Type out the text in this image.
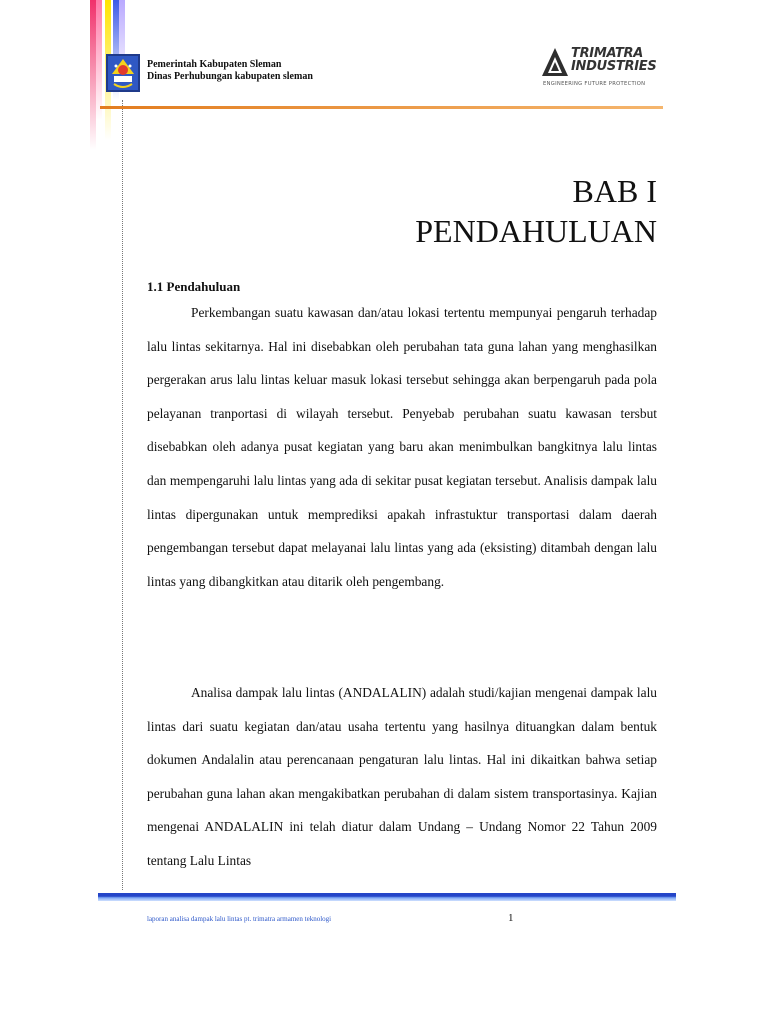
Pemerintah Kabupaten Sleman
Dinas Perhubungan kabupaten sleman
TRIMATRA
INDUSTRIES
ENGINEERING FUTURE PROTECTION
BAB I
PENDAHULUAN
1.1 Pendahuluan

Perkembangan suatu kawasan dan/atau lokasi tertentu mempunyai pengaruh terhadap lalu lintas sekitarnya. Hal ini disebabkan oleh perubahan tata guna lahan yang menghasilkan pergerakan arus lalu lintas keluar masuk lokasi tersebut sehingga akan berpengaruh pada pola pelayanan tranportasi di wilayah tersebut. Penyebab perubahan suatu kawasan tersbut disebabkan oleh adanya pusat kegiatan yang baru akan menimbulkan bangkitnya lalu lintas dan mempengaruhi lalu lintas yang ada di sekitar pusat kegiatan tersebut. Analisis dampak lalu lintas dipergunakan untuk memprediksi apakah infrastuktur transportasi dalam daerah pengembangan tersebut dapat melayanai lalu lintas yang ada (eksisting) ditambah dengan lalu lintas yang dibangkitkan atau ditarik oleh pengembang.

Analisa dampak lalu lintas (ANDALALIN) adalah studi/kajian mengenai dampak lalu lintas dari suatu kegiatan dan/atau usaha tertentu yang hasilnya dituangkan dalam bentuk dokumen Andalalin atau perencanaan pengaturan lalu lintas. Hal ini dikaitkan bahwa setiap perubahan guna lahan akan mengakibatkan perubahan di dalam sistem transportasinya. Kajian mengenai ANDALALIN ini telah diatur dalam Undang – Undang Nomor 22 Tahun 2009 tentang Lalu Lintas

laporan analisa dampak lalu lintas pt. trimatra armamen teknologi	1
